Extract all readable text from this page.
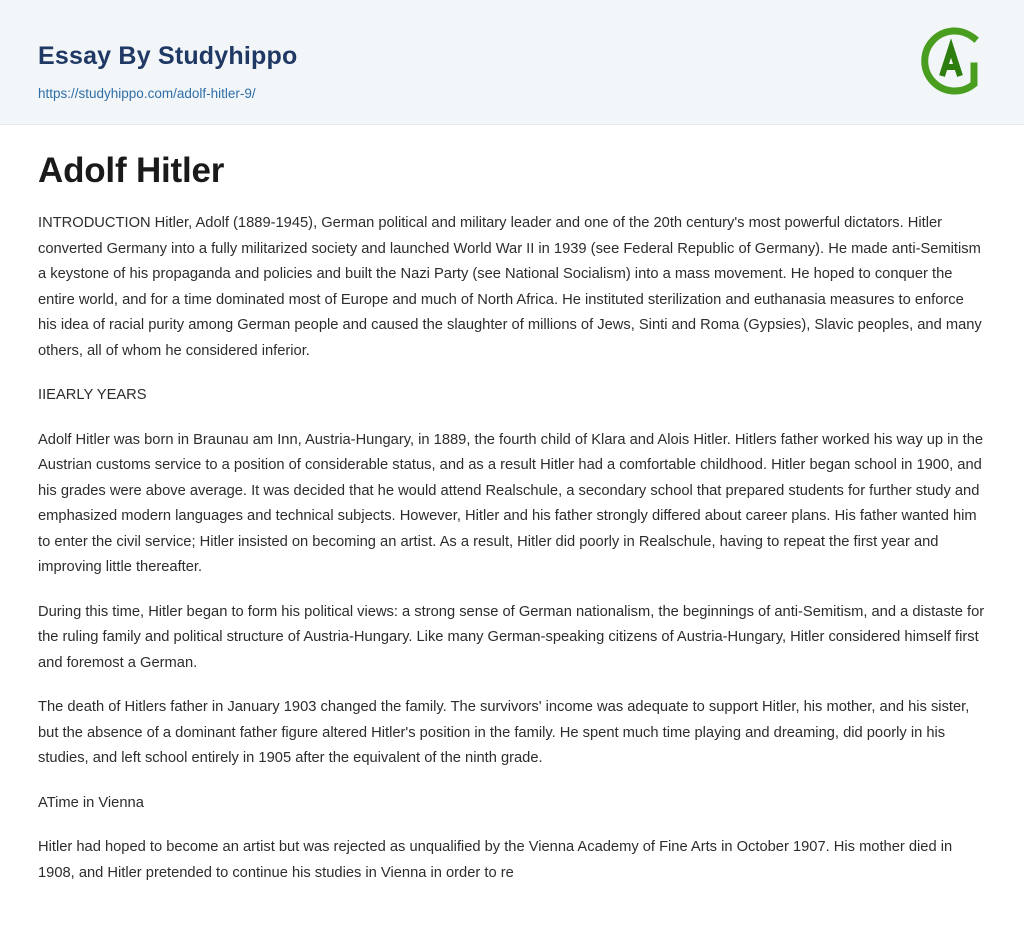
Essay By Studyhippo
https://studyhippo.com/adolf-hitler-9/
Adolf Hitler

INTRODUCTION Hitler, Adolf (1889-1945), German political and military leader and one of the 20th century's most powerful dictators. Hitler converted Germany into a fully militarized society and launched World War II in 1939 (see Federal Republic of Germany). He made anti-Semitism a keystone of his propaganda and policies and built the Nazi Party (see National Socialism) into a mass movement. He hoped to conquer the entire world, and for a time dominated most of Europe and much of North Africa. He instituted sterilization and euthanasia measures to enforce his idea of racial purity among German people and caused the slaughter of millions of Jews, Sinti and Roma (Gypsies), Slavic peoples, and many others, all of whom he considered inferior.

IIEARLY YEARS

Adolf Hitler was born in Braunau am Inn, Austria-Hungary, in 1889, the fourth child of Klara and Alois Hitler. Hitlers father worked his way up in the Austrian customs service to a position of considerable status, and as a result Hitler had a comfortable childhood. Hitler began school in 1900, and his grades were above average. It was decided that he would attend Realschule, a secondary school that prepared students for further study and emphasized modern languages and technical subjects. However, Hitler and his father strongly differed about career plans. His father wanted him to enter the civil service; Hitler insisted on becoming an artist. As a result, Hitler did poorly in Realschule, having to repeat the first year and improving little thereafter.

During this time, Hitler began to form his political views: a strong sense of German nationalism, the beginnings of anti-Semitism, and a distaste for the ruling family and political structure of Austria-Hungary. Like many German-speaking citizens of Austria-Hungary, Hitler considered himself first and foremost a German.

The death of Hitlers father in January 1903 changed the family. The survivors' income was adequate to support Hitler, his mother, and his sister, but the absence of a dominant father figure altered Hitler's position in the family. He spent much time playing and dreaming, did poorly in his studies, and left school entirely in 1905 after the equivalent of the ninth grade.

ATime in Vienna

Hitler had hoped to become an artist but was rejected as unqualified by the Vienna Academy of Fine Arts in October 1907. His mother died in 1908, and Hitler pretended to continue his studies in Vienna in order to re
